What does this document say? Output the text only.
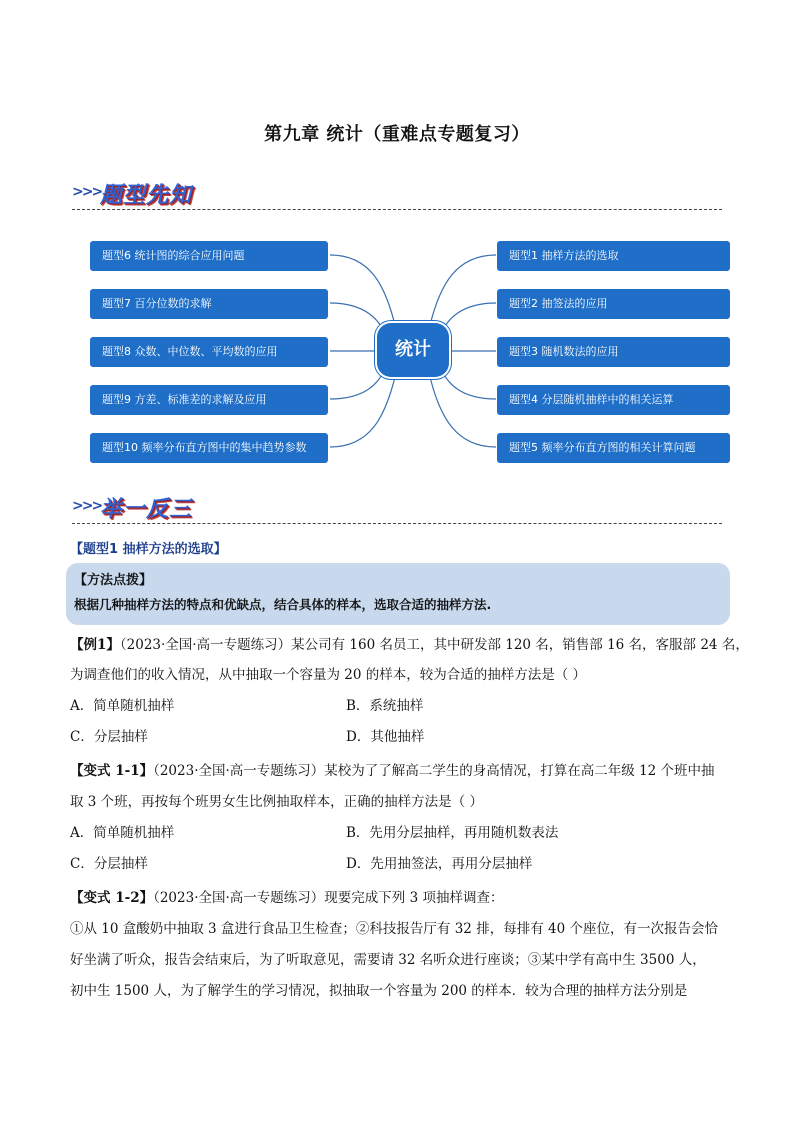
第九章 统计（重难点专题复习）
>>>
题型先知
题型6 统计图的综合应用问题
题型7 百分位数的求解
题型8 众数、中位数、平均数的应用
题型9 方差、标准差的求解及应用
题型10 频率分布直方图中的集中趋势参数
统计
题型1 抽样方法的选取
题型2 抽签法的应用
题型3 随机数法的应用
题型4 分层随机抽样中的相关运算
题型5 频率分布直方图的相关计算问题
>>>
举一反三
【题型1 抽样方法的选取】
【方法点拨】
根据几种抽样方法的特点和优缺点，结合具体的样本，选取合适的抽样方法.
【例1】（2023·全国·高一专题练习）某公司有 160 名员工，其中研发部 120 名，销售部 16 名，客服部 24 名，
为调查他们的收入情况，从中抽取一个容量为 20 的样本，较为合适的抽样方法是（ ）
A．简单随机抽样	B．系统抽样
C．分层抽样	D．其他抽样
【变式 1-1】（2023·全国·高一专题练习）某校为了了解高二学生的身高情况，打算在高二年级 12 个班中抽
取 3 个班，再按每个班男女生比例抽取样本，正确的抽样方法是（ ）
A．简单随机抽样	B．先用分层抽样，再用随机数表法
C．分层抽样	D．先用抽签法，再用分层抽样
【变式 1-2】（2023·全国·高一专题练习）现要完成下列 3 项抽样调查：
①从 10 盒酸奶中抽取 3 盒进行食品卫生检查；②科技报告厅有 32 排，每排有 40 个座位，有一次报告会恰
好坐满了听众，报告会结束后，为了听取意见，需要请 32 名听众进行座谈；③某中学有高中生 3500 人，
初中生 1500 人，为了解学生的学习情况，拟抽取一个容量为 200 的样本．较为合理的抽样方法分别是
